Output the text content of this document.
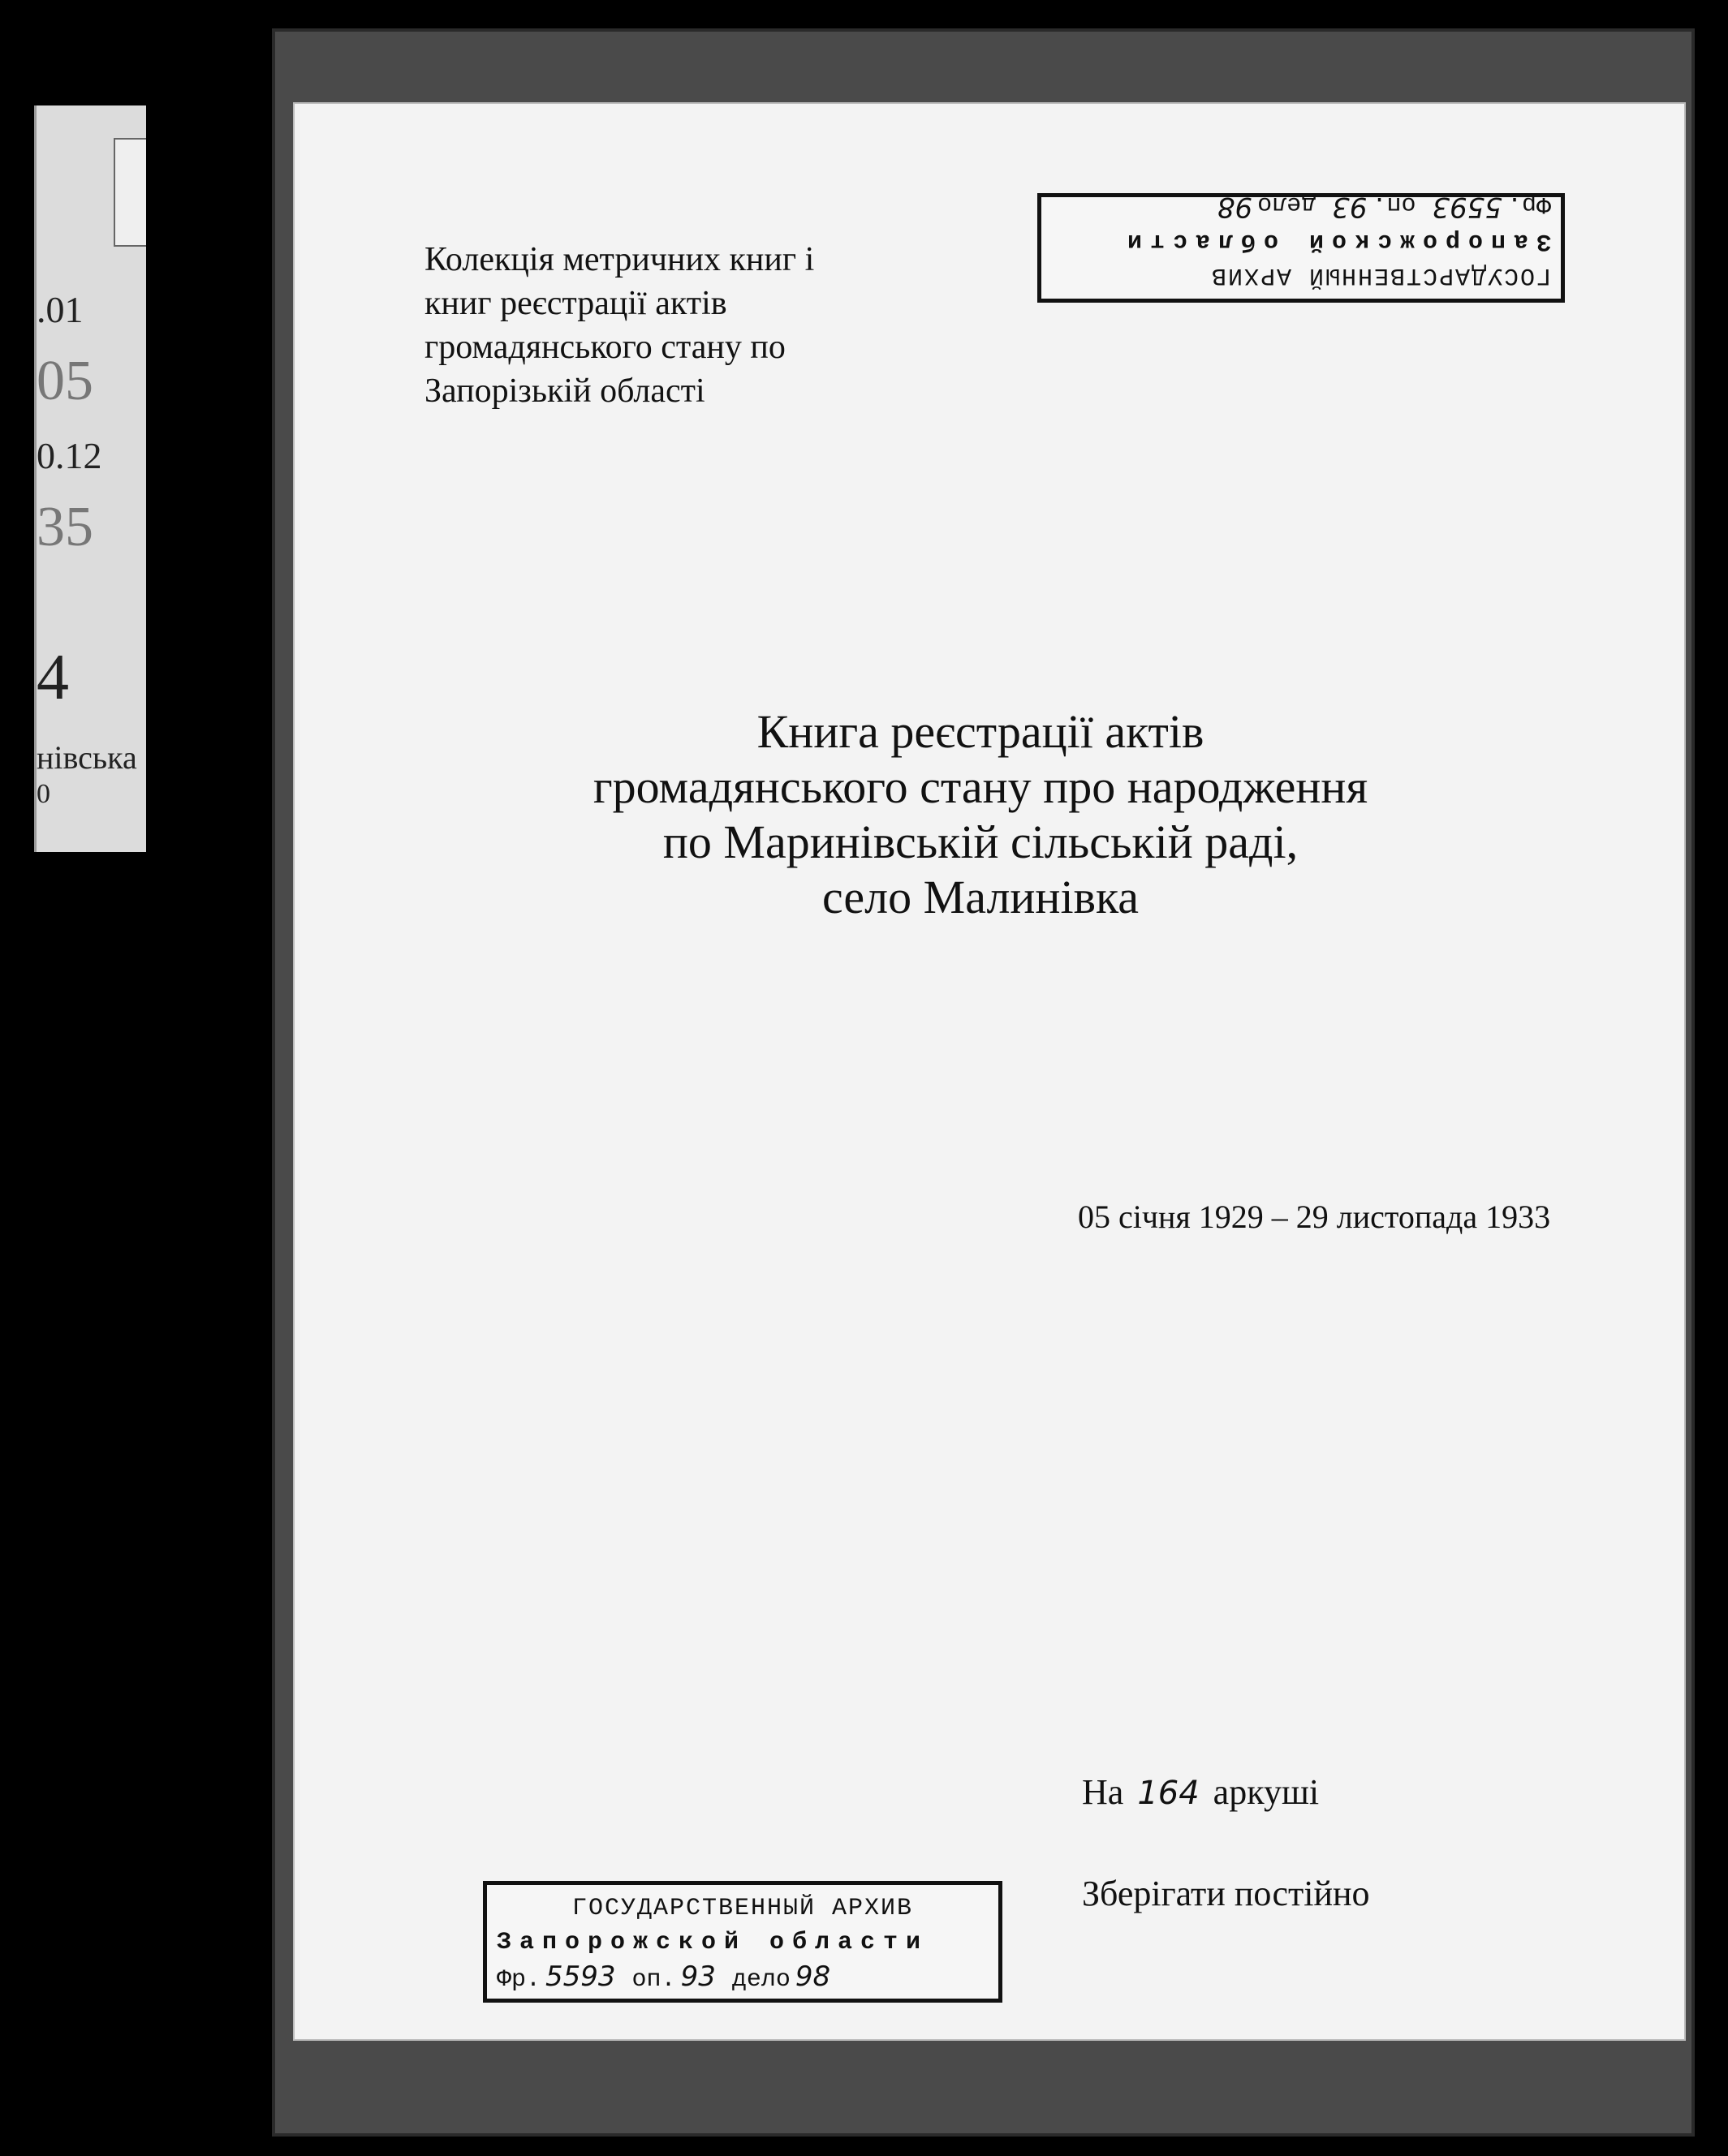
.01
05
0.12
35
4
нівська
0
ГОСУДАРСТВЕННЫЙ АРХИВ
Запорожской области
Фр.5593
оп.93
дело98
Колекція метричних книг і
книг реєстрації актів
громадянського стану по
Запорізькій області
Книга реєстрації актів
громадянського стану про народження
по Маринівській сільській раді,
село Малинівка
05 січня 1929 – 29 листопада 1933
На 164 аркуші
Зберігати постійно
ГОСУДАРСТВЕННЫЙ АРХИВ
Запорожской области
Фр. 5593 оп. 93 дело 98
